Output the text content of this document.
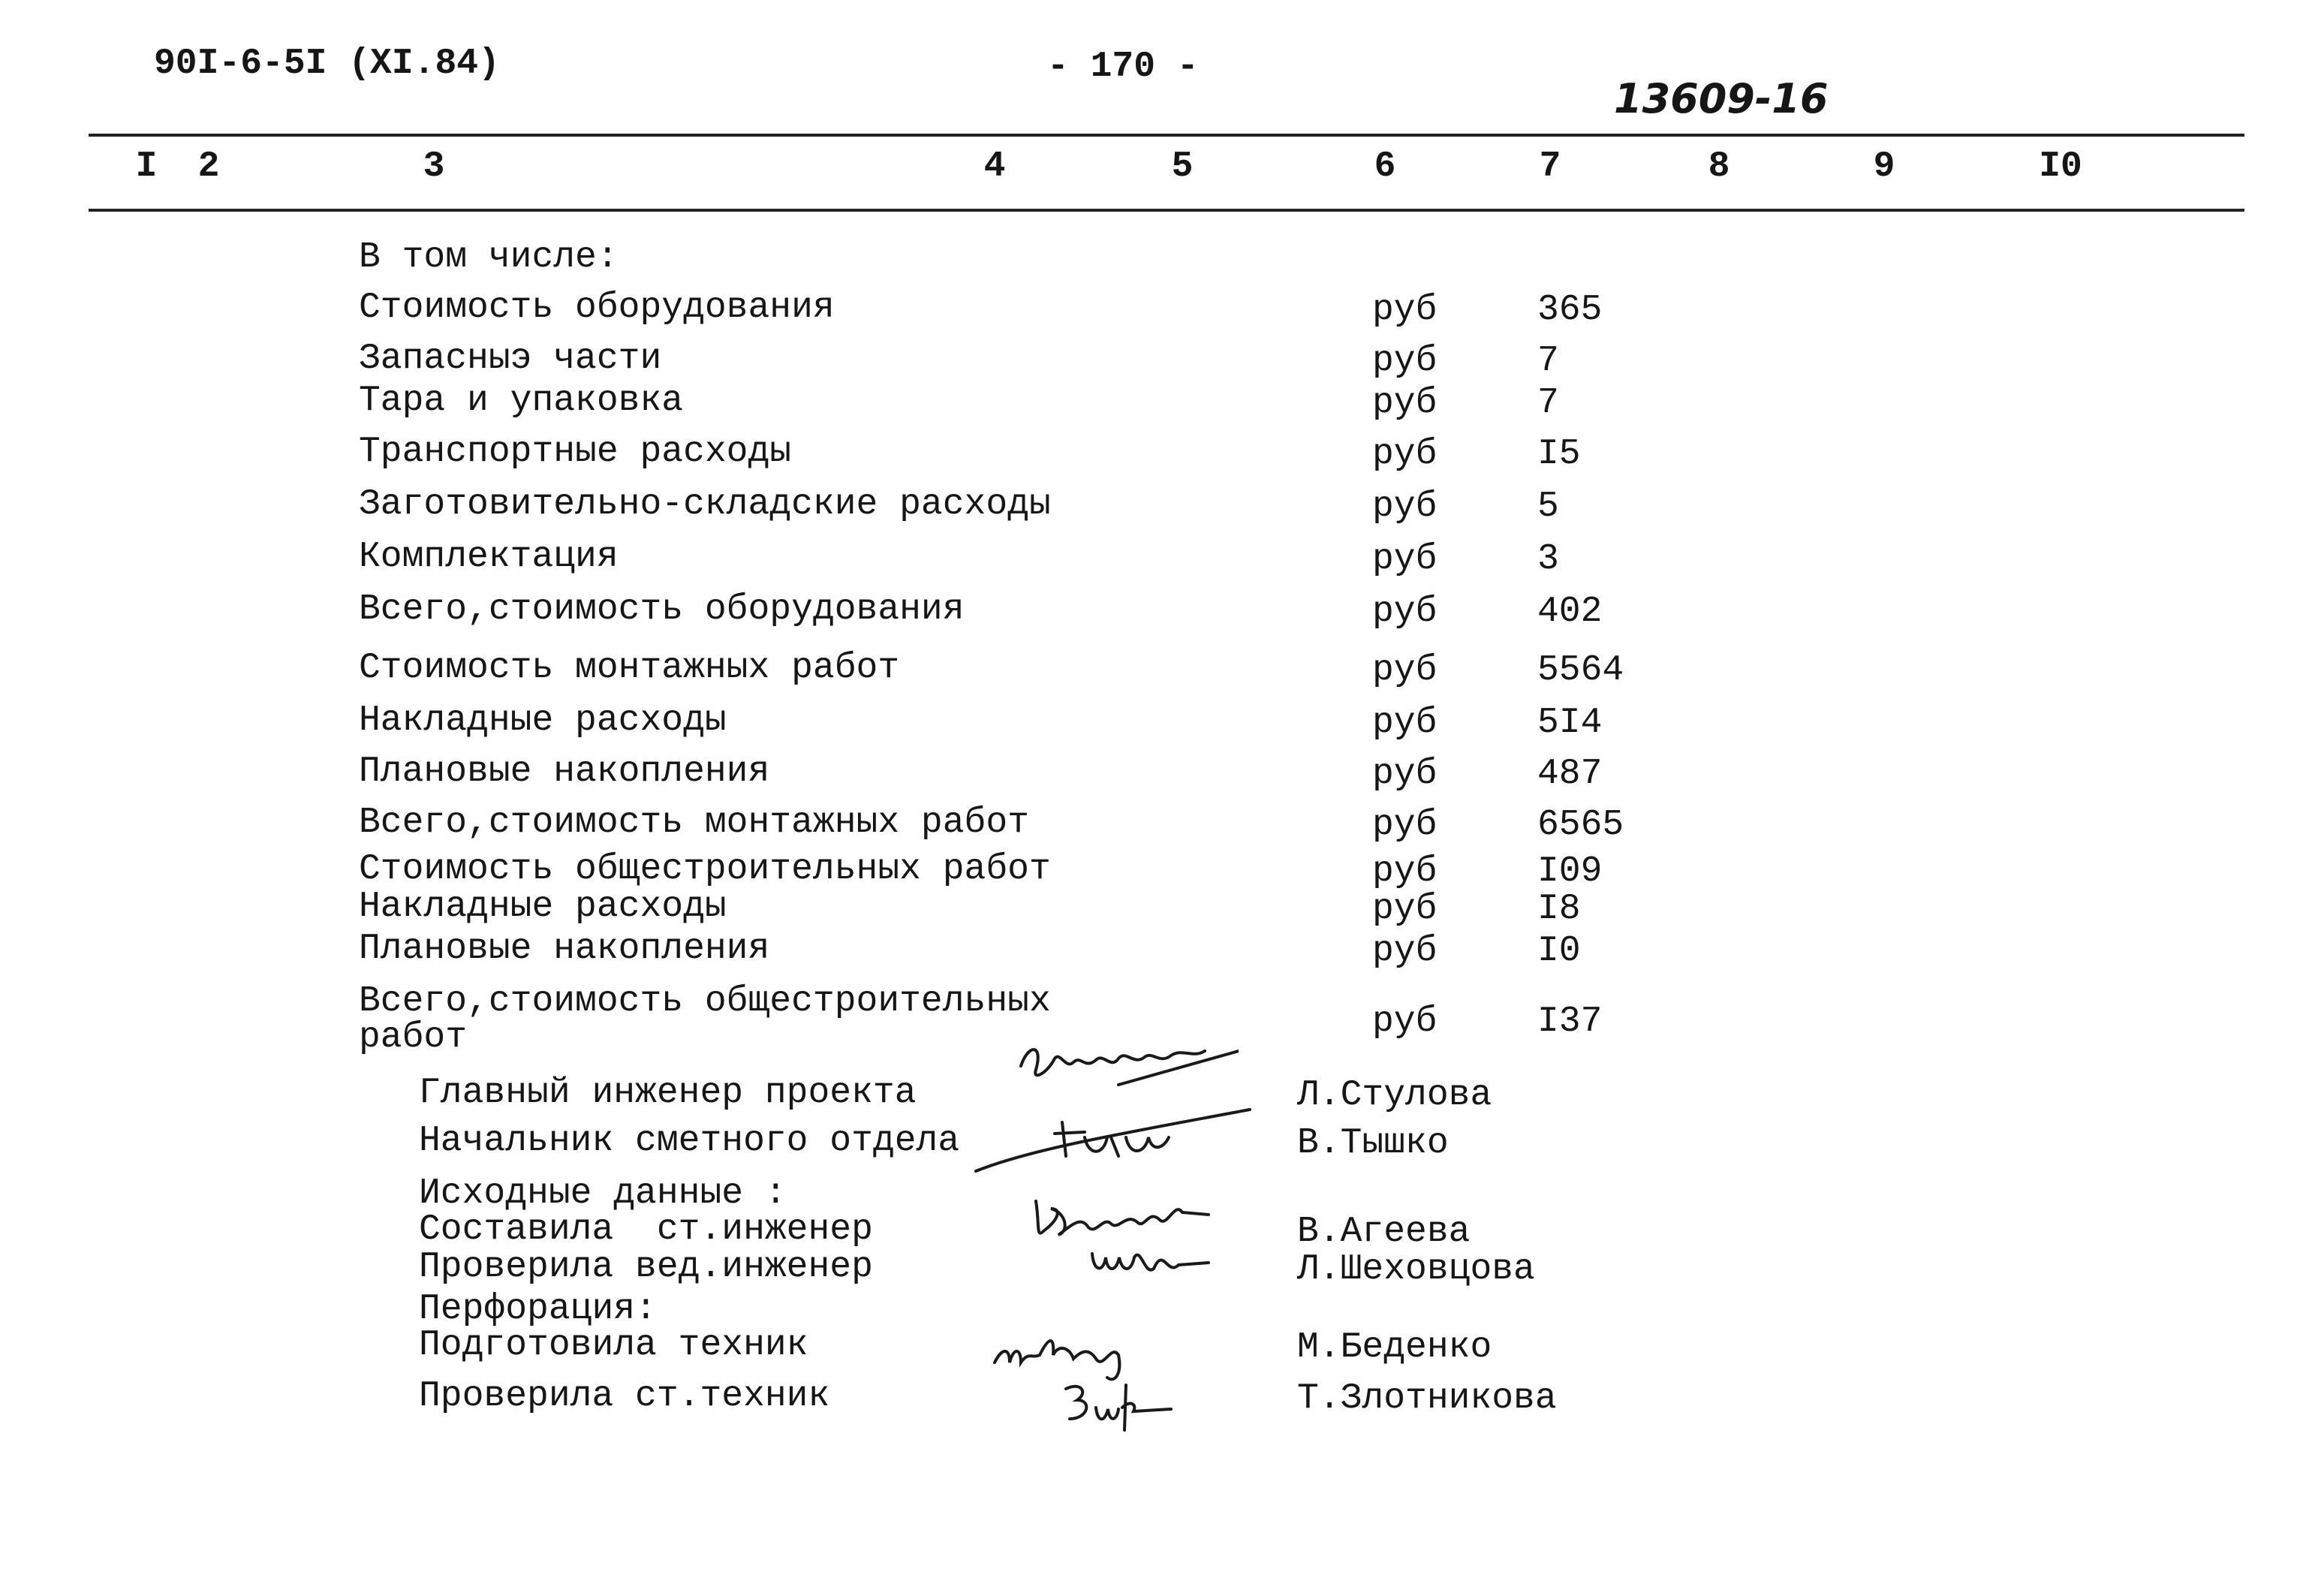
90I-6-5I (XI.84)	- 170 -
13609-16
I	2	3	4	5	6	7	8	9	I0
В том числе:
Стоимость оборудования	руб	365
Запасныэ части	руб	7
Тара и упаковка	руб	7
Транспортные расходы	руб	I5
Заготовительно-складские расходы	руб	5
Комплектация	руб	3
Всего,стоимость оборудования	руб	402
Стоимость монтажных работ	руб	5564
Накладные расходы	руб	5I4
Плановые накопления	руб	487
Всего,стоимость монтажных работ	руб	6565
Стоимость общестроительных работ	руб	I09
Накладные расходы	руб	I8
Плановые накопления	руб	I0
Всего,стоимость общестроительных
работ	руб	I37
Главный инженер проекта	Л.Стулова
Начальник сметного отдела	В.Тышко
Исходные данные :
Составила  ст.инженер	В.Агеева
Проверила вед.инженер	Л.Шеховцова
Перфорация:
Подготовила техник	М.Беденко
Проверила ст.техник	Т.Злотникова
